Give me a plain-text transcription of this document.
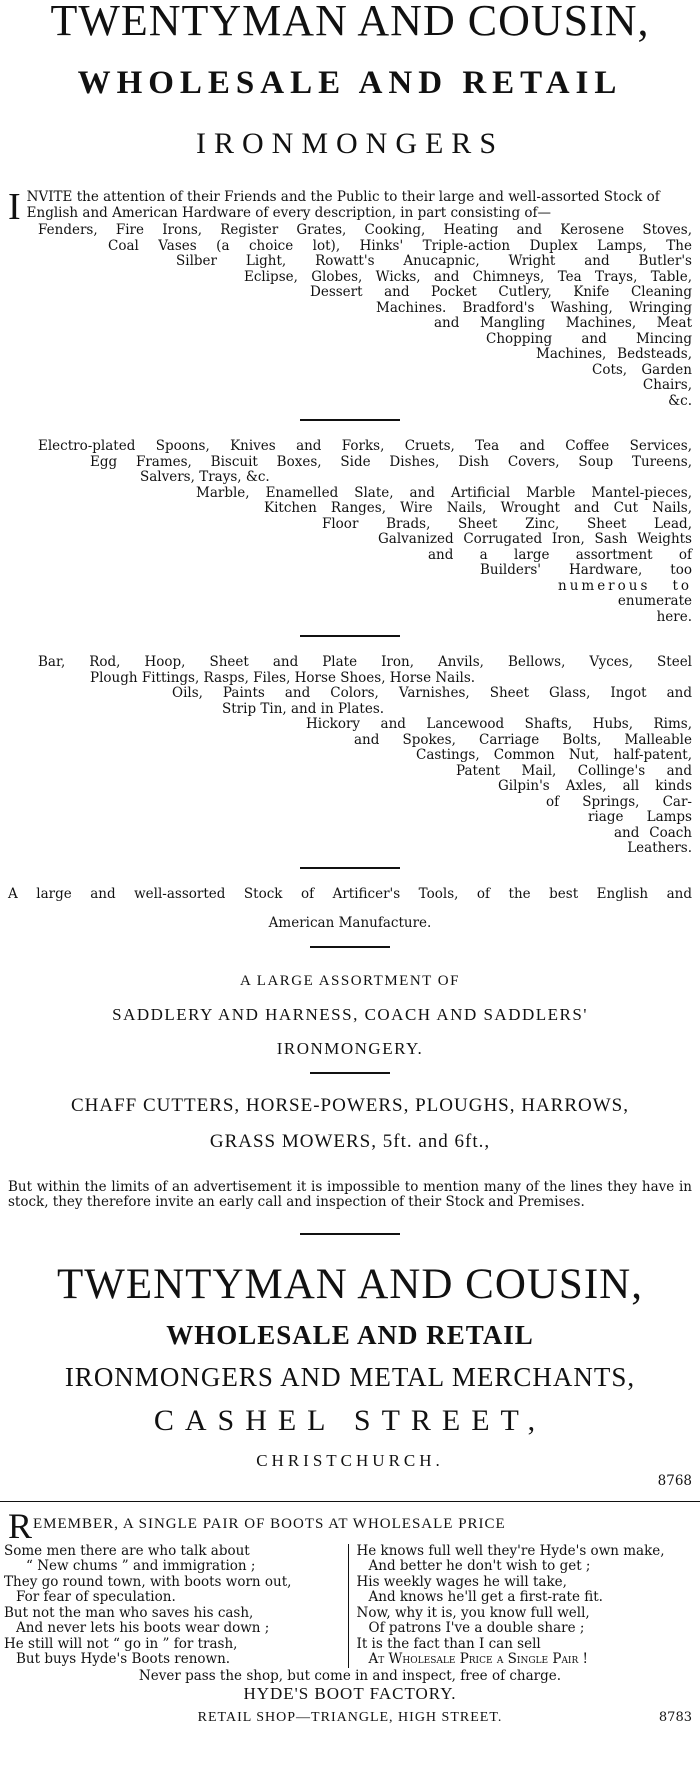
TWENTYMAN AND COUSIN,
WHOLESALE AND RETAIL
IRONMONGERS
I NVITE the attention of their Friends and the Public to their large and well-assorted Stock of English and American Hardware of every description, in part consisting of—
Fenders, Fire Irons, Register Grates, Cooking, Heating and Kerosene Stoves,
Coal Vases (a choice lot), Hinks' Triple-action Duplex Lamps, The
Silber Light, Rowatt's Anucapnic, Wright and Butler's
Eclipse, Globes, Wicks, and Chimneys, Tea Trays, Table,
Dessert and Pocket Cutlery, Knife Cleaning
Machines. Bradford's Washing, Wringing
and Mangling Machines, Meat
Chopping and Mincing
Machines, Bedsteads,
Cots, Garden
Chairs,
&c.
Electro-plated Spoons, Knives and Forks, Cruets, Tea and Coffee Services,
Egg Frames, Biscuit Boxes, Side Dishes, Dish Covers, Soup Tureens,
Salvers, Trays, &c.
Marble, Enamelled Slate, and Artificial Marble Mantel-pieces,
Kitchen Ranges, Wire Nails, Wrought and Cut Nails,
Floor Brads, Sheet Zinc, Sheet Lead,
Galvanized Corrugated Iron, Sash Weights
and a large assortment of
Builders' Hardware, too
numerous to
enumerate
here.
Bar, Rod, Hoop, Sheet and Plate Iron, Anvils, Bellows, Vyces, Steel
Plough Fittings, Rasps, Files, Horse Shoes, Horse Nails.
Oils, Paints and Colors, Varnishes, Sheet Glass, Ingot and
Strip Tin, and in Plates.
Hickory and Lancewood Shafts, Hubs, Rims,
and Spokes, Carriage Bolts, Malleable
Castings, Common Nut, half-patent,
Patent Mail, Collinge's and
Gilpin's Axles, all kinds
of Springs, Car-
riage Lamps
and Coach
Leathers.
A large and well-assorted Stock of Artificer's Tools, of the best English and
American Manufacture.
A LARGE ASSORTMENT OF
SADDLERY AND HARNESS, COACH AND SADDLERS'
IRONMONGERY.
CHAFF CUTTERS, HORSE-POWERS, PLOUGHS, HARROWS,
GRASS MOWERS, 5ft. and 6ft.,
But within the limits of an advertisement it is impossible to mention many of the lines they have in stock, they therefore invite an early call and inspection of their Stock and Premises.
TWENTYMAN AND COUSIN,
WHOLESALE AND RETAIL
IRONMONGERS AND METAL MERCHANTS,
CASHEL STREET,
CHRISTCHURCH.
8768
REMEMBER, A SINGLE PAIR OF BOOTS AT WHOLESALE PRICE
Some men there are who talk about
“ New chums ” and immigration ;
They go round town, with boots worn out,
For fear of speculation.
But not the man who saves his cash,
And never lets his boots wear down ;
He still will not “ go in ” for trash,
But buys Hyde's Boots renown.
He knows full well they're Hyde's own make,
And better he don't wish to get ;
His weekly wages he will take,
And knows he'll get a first-rate fit.
Now, why it is, you know full well,
Of patrons I've a double share ;
It is the fact than I can sell
At Wholesale Price a Single Pair !
Never pass the shop, but come in and inspect, free of charge.
HYDE'S BOOT FACTORY.
RETAIL SHOP—TRIANGLE, HIGH STREET.	8783
